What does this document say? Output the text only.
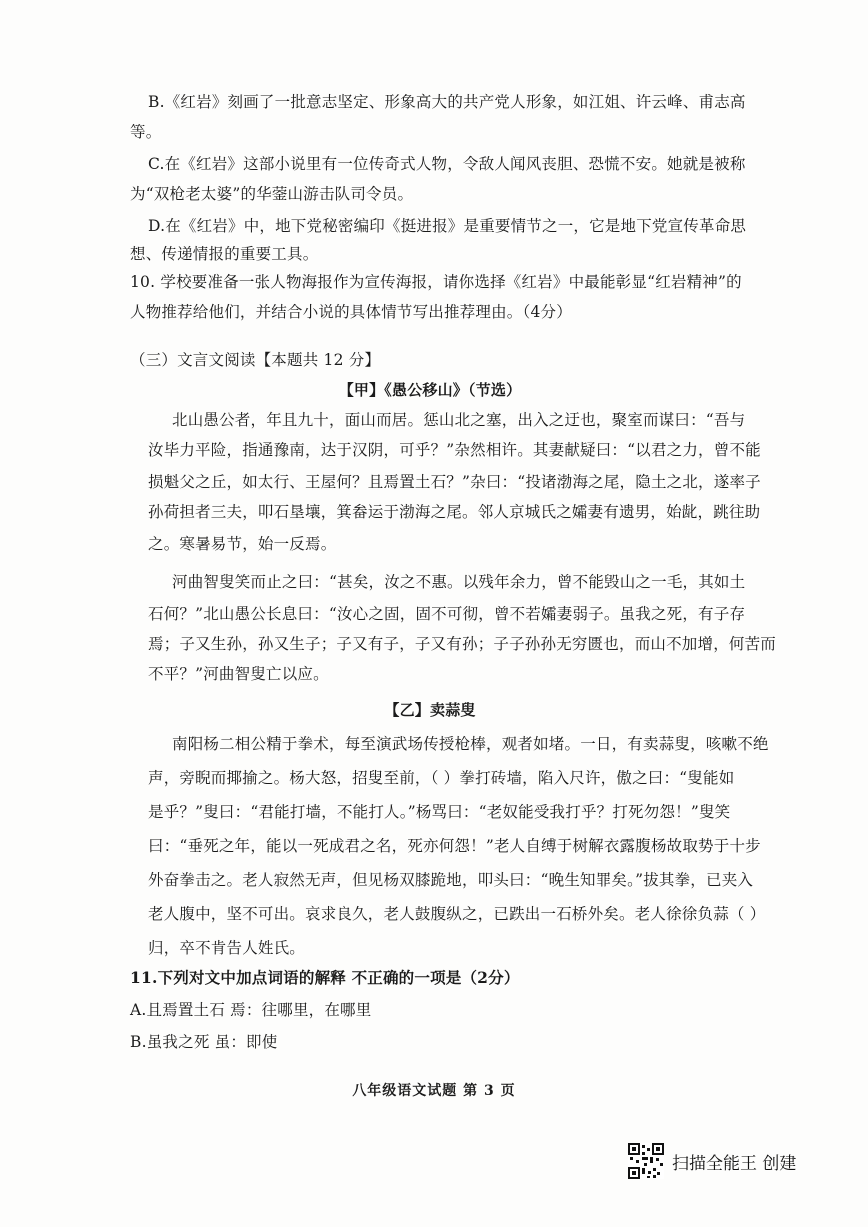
B.《红岩》刻画了一批意志坚定、形象高大的共产党人形象，如江姐、许云峰、甫志高
等。
C.在《红岩》这部小说里有一位传奇式人物，令敌人闻风丧胆、恐慌不安。她就是被称
为“双枪老太婆”的华蓥山游击队司令员。
D.在《红岩》中，地下党秘密编印《挺进报》是重要情节之一，它是地下党宣传革命思
想、传递情报的重要工具。
10. 学校要准备一张人物海报作为宣传海报，请你选择《红岩》中最能彰显“红岩精神”的
人物推荐给他们，并结合小说的具体情节写出推荐理由。（4分）
（三）文言文阅读【本题共 12 分】
【甲】《愚公移山》（节选）
北山愚公者，年且九十，面山而居。惩山北之塞，出入之迂也，聚室而谋曰：“吾与
汝毕力平险，指通豫南，达于汉阴，可乎？”杂然相许。其妻献疑曰：“以君之力，曾不能
损魁父之丘，如太行、王屋何？且焉置土石？”杂曰：“投诸渤海之尾，隐土之北，遂率子
孙荷担者三夫，叩石垦壤，箕畚运于渤海之尾。邻人京城氏之孀妻有遗男，始龀，跳往助
之。寒暑易节，始一反焉。
河曲智叟笑而止之曰：“甚矣，汝之不惠。以残年余力，曾不能毁山之一毛，其如土
石何？”北山愚公长息曰：“汝心之固，固不可彻，曾不若孀妻弱子。虽我之死，有子存
焉；子又生孙，孙又生子；子又有子，子又有孙；子子孙孙无穷匮也，而山不加增，何苦而
不平？”河曲智叟亡以应。
【乙】卖蒜叟
南阳杨二相公精于拳术，每至演武场传授枪棒，观者如堵。一日，有卖蒜叟，咳嗽不绝
声，旁睨而揶揄之。杨大怒，招叟至前，（ ）拳打砖墙，陷入尺许，傲之曰：“叟能如
是乎？”叟曰：“君能打墙，不能打人。”杨骂曰：“老奴能受我打乎？打死勿怨！”叟笑
曰：“垂死之年，能以一死成君之名，死亦何怨！”老人自缚于树解衣露腹杨故取势于十步
外奋拳击之。老人寂然无声，但见杨双膝跪地，叩头曰：“晚生知罪矣。”拔其拳，已夹入
老人腹中，坚不可出。哀求良久，老人鼓腹纵之，已跌出一石桥外矣。老人徐徐负蒜（ ）
归，卒不肯告人姓氏。
11.下列对文中加点词语的解释 不正确的一项是（2分）
A.且焉置土石 焉：往哪里，在哪里
B.虽我之死 虽：即使
八年级语文试题 第 3 页
扫描全能王 创建
